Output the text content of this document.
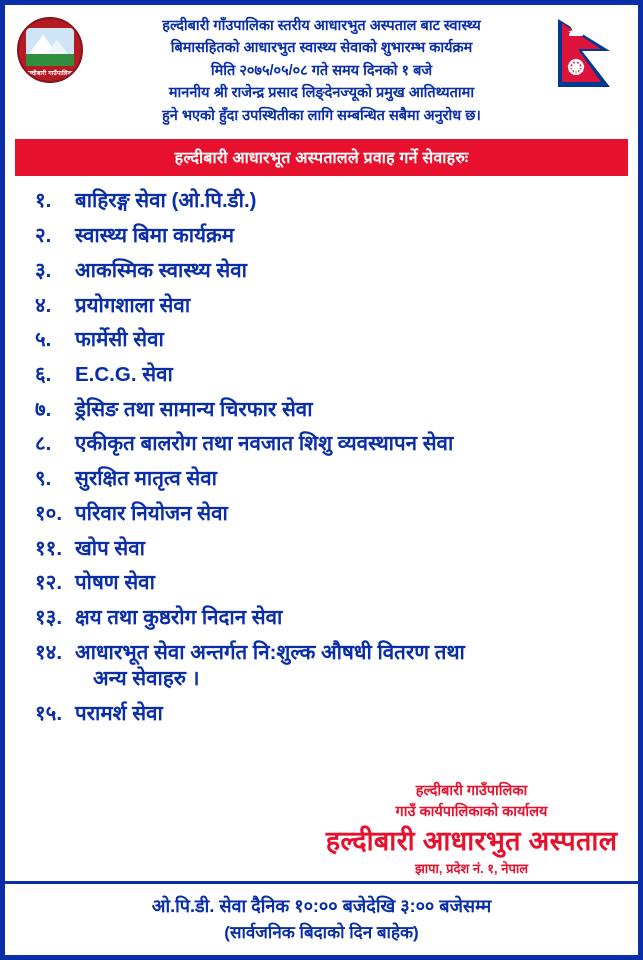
हल्दीबारी गाउँपालिका
हल्दीबारी गाँउपालिका स्तरीय आधारभुत अस्पताल बाट स्वास्थ्य
बिमासहितको आधारभुत स्वास्थ्य सेवाको शुभारम्भ कार्यक्रम
मिति २०७५/०५/०८ गते समय दिनको १ बजे
माननीय श्री राजेन्द्र प्रसाद लिङ्देनज्यूको प्रमुख आतिथ्यतामा
हुने भएको हुँदा उपस्थितीका लागि सम्बन्धित सबैमा अनुरोध छ।
हल्दीबारी आधारभूत अस्पतालले प्रवाह गर्ने सेवाहरुः
१.	बाहिरङ्ग सेवा (ओ.पि.डी.)
२.	स्वास्थ्य बिमा कार्यक्रम
३.	आकस्मिक स्वास्थ्य सेवा
४.	प्रयोगशाला सेवा
५.	फार्मेसी सेवा
६.	E.C.G. सेवा
७.	ड्रेसिङ तथा सामान्य चिरफार सेवा
८.	एकीकृत बालरोग तथा नवजात शिशु व्यवस्थापन सेवा
९.	सुरक्षित मातृत्व सेवा
१०. परिवार नियोजन सेवा
११. खोप सेवा
१२. पोषण सेवा
१३. क्षय तथा कुष्ठरोग निदान सेवा
१४. आधारभूत सेवा अन्तर्गत नि:शुल्क औषधी वितरण तथा
अन्य सेवाहरु ।
१५. परामर्श सेवा
हल्दीबारी गाउँपालिका
गाउँ कार्यपालिकाको कार्यालय
हल्दीबारी आधारभुत अस्पताल
झापा, प्रदेश नं. १, नेपाल
ओ.पि.डी. सेवा दैनिक १०:०० बजेदेखि ३:०० बजेसम्म
(सार्वजनिक बिदाको दिन बाहेक)
